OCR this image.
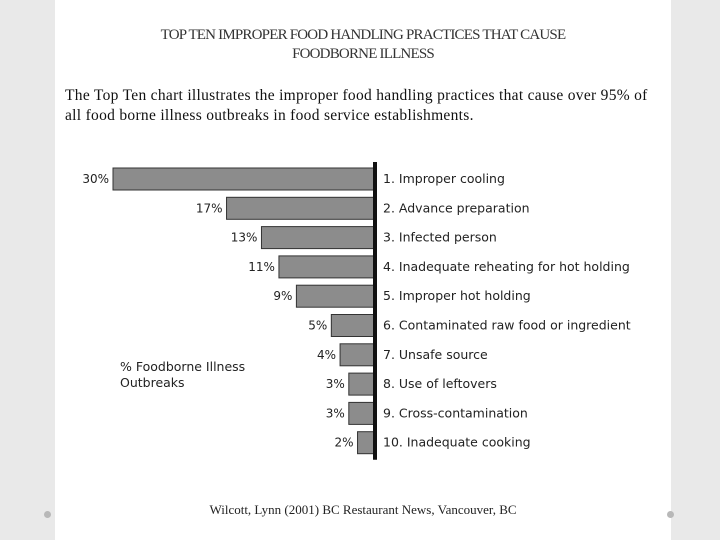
TOP TEN IMPROPER FOOD HANDLING PRACTICES THAT CAUSE
FOODBORNE ILLNESS
The Top Ten chart illustrates the improper food handling practices that cause over 95% of all food borne illness outbreaks in food service establishments.
30%	1. Improper cooling
17%	2. Advance preparation
13%	3. Infected person
11%	4. Inadequate reheating for hot holding
9%	5. Improper hot holding
5%	6. Contaminated raw food or ingredient
4%	7. Unsafe source
3%	8. Use of leftovers
3%	9. Cross-contamination
2% 10. Inadequate cooking
% Foodborne Illness
Outbreaks
Wilcott, Lynn (2001) BC Restaurant News, Vancouver, BC
